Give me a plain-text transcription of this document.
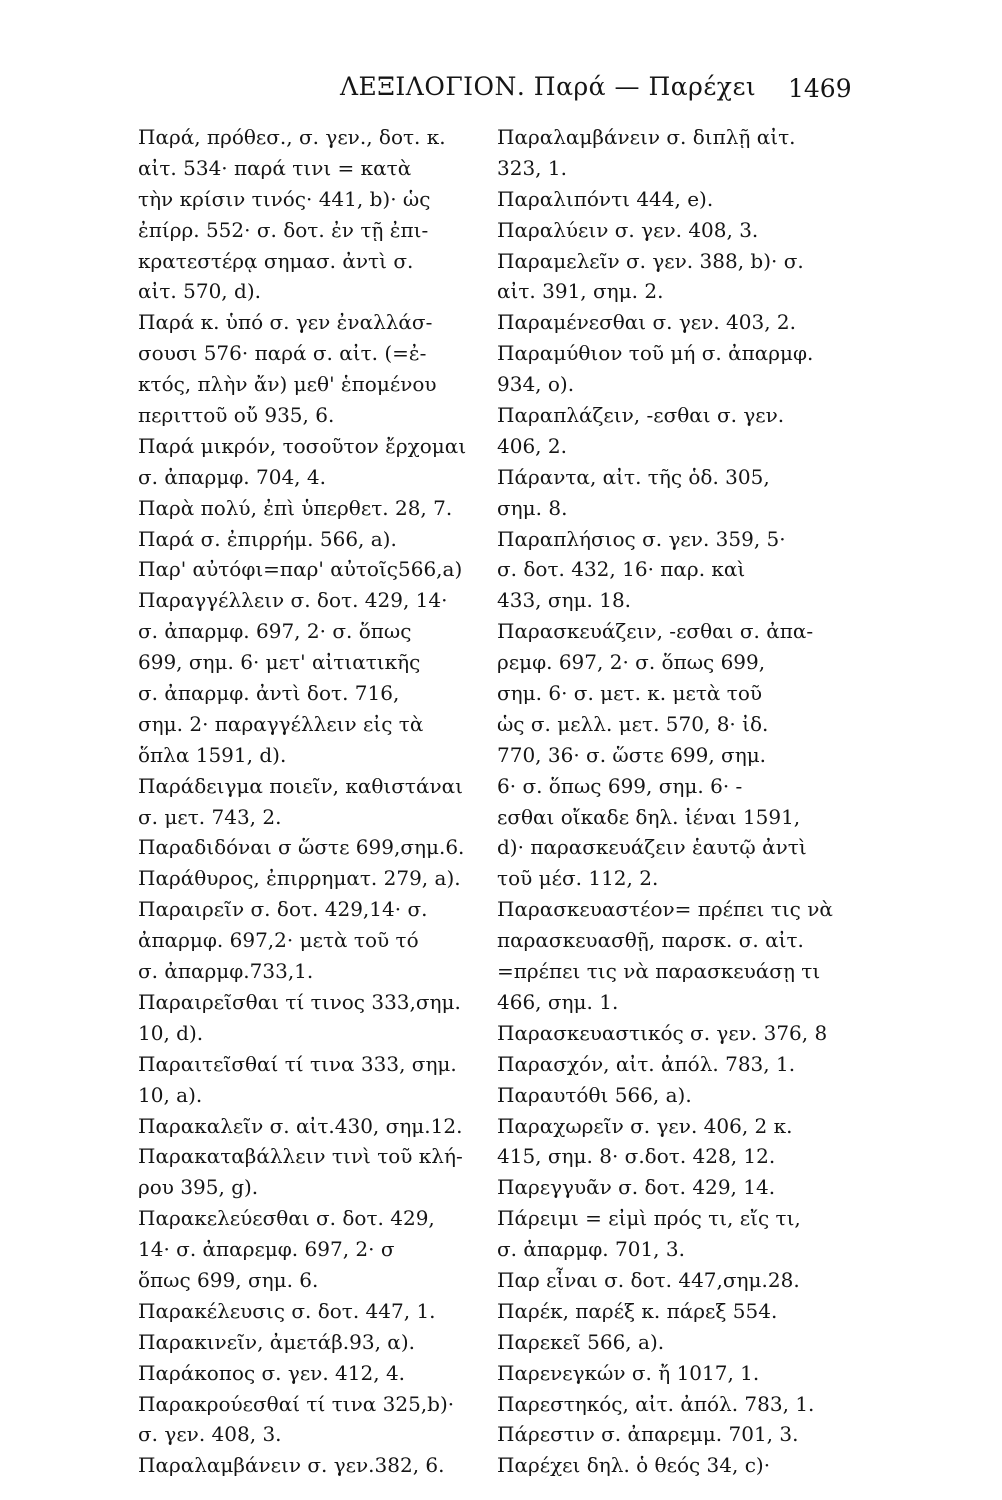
ΛΕΞΙΛΟΓΙΟΝ. Παρά — Παρέχει 1469
Παρά, πρόθεσ., σ. γεν., δοτ. κ.
αἰτ. 534· παρά τινι = κατὰ
τὴν κρίσιν τινός· 441, b)· ὡς
ἐπίρρ. 552· σ. δοτ. ἐν τῇ ἐπι-
κρατεστέρᾳ σημασ. ἀντὶ σ.
αἰτ. 570, d).
Παρά κ. ὑπό σ. γεν ἐναλλάσ-
σουσι 576· παρά σ. αἰτ. (=ἐ-
κτός, πλὴν ἄν) μεθ' ἑπομένου
περιττοῦ οὔ 935, 6.
Παρά μικρόν, τοσοῦτον ἔρχομαι
σ. ἀπαρμφ. 704, 4.
Παρὰ πολύ, ἐπὶ ὑπερθετ. 28, 7.
Παρά σ. ἐπιρρήμ. 566, a).
Παρ' αὐτόφι=παρ' αὐτοῖς566,a)
Παραγγέλλειν σ. δοτ. 429, 14·
σ. ἀπαρμφ. 697, 2· σ. ὅπως
699, σημ. 6· μετ' αἰτιατικῆς
σ. ἀπαρμφ. ἀντὶ δοτ. 716,
σημ. 2· παραγγέλλειν εἰς τὰ
ὅπλα 1591, d).
Παράδειγμα ποιεῖν, καθιστάναι
σ. μετ. 743, 2.
Παραδιδόναι σ ὥστε 699,σημ.6.
Παράθυρος, ἐπιρρηματ. 279, a).
Παραιρεῖν σ. δοτ. 429,14· σ.
ἀπαρμφ. 697,2· μετὰ τοῦ τό
σ. ἀπαρμφ.733,1.
Παραιρεῖσθαι τί τινος 333,σημ.
10, d).
Παραιτεῖσθαί τί τινα 333, σημ.
10, a).
Παρακαλεῖν σ. αἰτ.430, σημ.12.
Παρακαταβάλλειν τινὶ τοῦ κλή-
ρου 395, g).
Παρακελεύεσθαι σ. δοτ. 429,
14· σ. ἀπαρεμφ. 697, 2· σ
ὅπως 699, σημ. 6.
Παρακέλευσις σ. δοτ. 447, 1.
Παρακινεῖν, ἀμετάβ.93, α).
Παράκοπος σ. γεν. 412, 4.
Παρακρούεσθαί τί τινα 325,b)·
σ. γεν. 408, 3.
Παραλαμβάνειν σ. γεν.382, 6.
Παραλαμβάνειν σ. διπλῇ αἰτ.
323, 1.
Παραλιπόντι 444, e).
Παραλύειν σ. γεν. 408, 3.
Παραμελεῖν σ. γεν. 388, b)· σ.
αἰτ. 391, σημ. 2.
Παραμένεσθαι σ. γεν. 403, 2.
Παραμύθιον τοῦ μή σ. ἀπαρμφ.
934, o).
Παραπλάζειν, -εσθαι σ. γεν.
406, 2.
Πάραντα, αἰτ. τῆς ὁδ. 305,
σημ. 8.
Παραπλήσιος σ. γεν. 359, 5·
σ. δοτ. 432, 16· παρ. καὶ
433, σημ. 18.
Παρασκευάζειν, -εσθαι σ. ἀπα-
ρεμφ. 697, 2· σ. ὅπως 699,
σημ. 6· σ. μετ. κ. μετὰ τοῦ
ὡς σ. μελλ. μετ. 570, 8· ἰδ.
770, 36· σ. ὥστε 699, σημ.
6· σ. ὅπως 699, σημ. 6· -
εσθαι οἴκαδε δηλ. ἰέναι 1591,
d)· παρασκευάζειν ἑαυτῷ ἀντὶ
τοῦ μέσ. 112, 2.
Παρασκευαστέον= πρέπει τις νὰ
παρασκευασθῇ, παρσκ. σ. αἰτ.
=πρέπει τις νὰ παρασκευάσῃ τι
466, σημ. 1.
Παρασκευαστικός σ. γεν. 376, 8
Παρασχόν, αἰτ. ἀπόλ. 783, 1.
Παραυτόθι 566, a).
Παραχωρεῖν σ. γεν. 406, 2 κ.
415, σημ. 8· σ.δοτ. 428, 12.
Παρεγγυᾶν σ. δοτ. 429, 14.
Πάρειμι = εἰμὶ πρός τι, εἴς τι,
σ. ἀπαρμφ. 701, 3.
Παρ εἶναι σ. δοτ. 447,σημ.28.
Παρέκ, παρέξ κ. πάρεξ 554.
Παρεκεῖ 566, a).
Παρενεγκών σ. ἤ 1017, 1.
Παρεστηκός, αἰτ. ἀπόλ. 783, 1.
Πάρεστιν σ. ἀπαρεμμ. 701, 3.
Παρέχει δηλ. ὁ θεός 34, c)·
